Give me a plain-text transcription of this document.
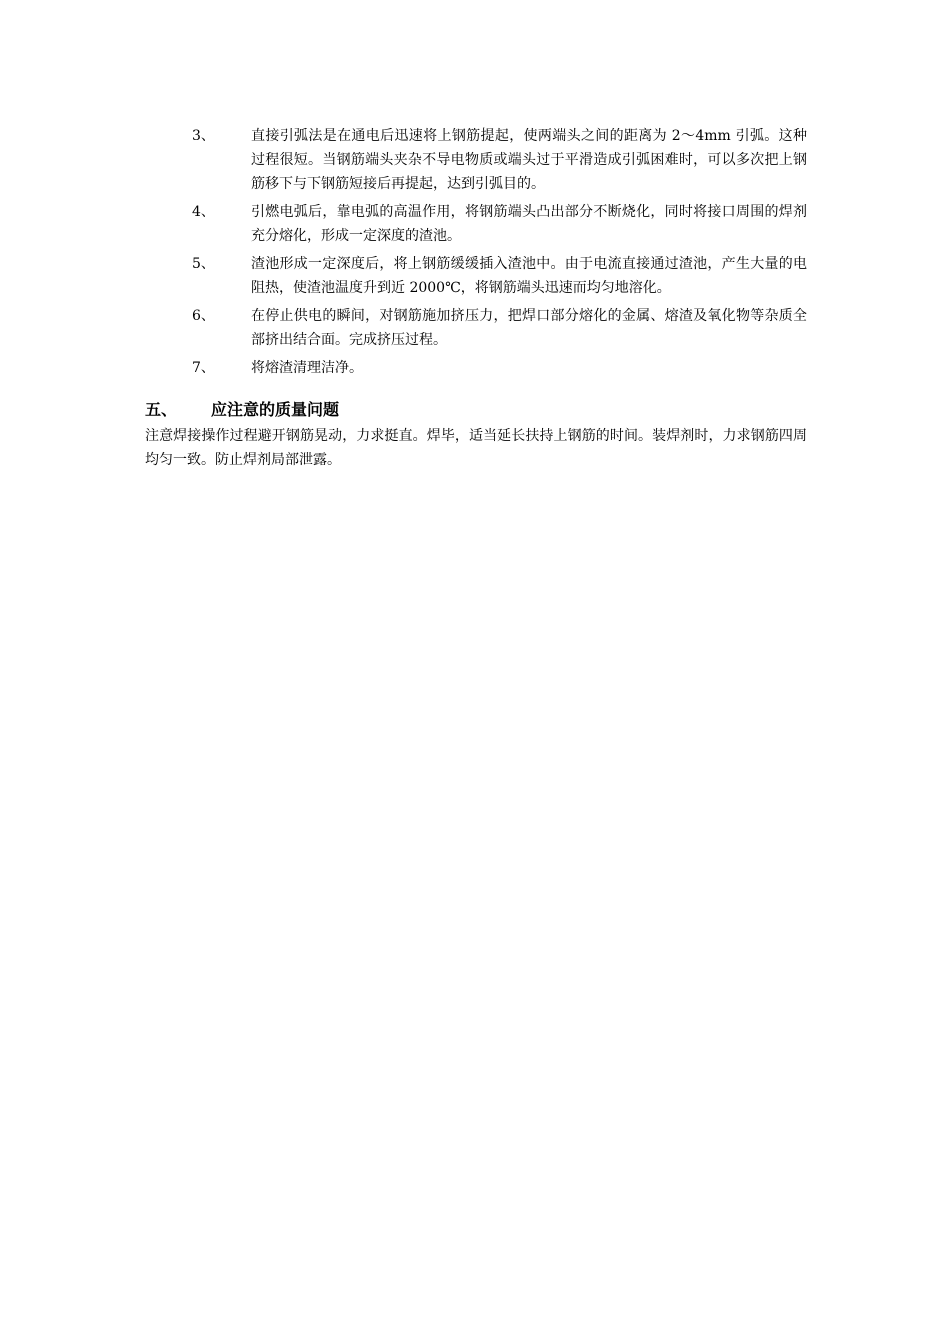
3、	直接引弧法是在通电后迅速将上钢筋提起，使两端头之间的距离为 2～4mm 引弧。这种过程很短。当钢筋端头夹杂不导电物质或端头过于平滑造成引弧困难时，可以多次把上钢筋移下与下钢筋短接后再提起，达到引弧目的。
4、	引燃电弧后，靠电弧的高温作用，将钢筋端头凸出部分不断烧化，同时将接口周围的焊剂充分熔化，形成一定深度的渣池。
5、	渣池形成一定深度后，将上钢筋缓缓插入渣池中。由于电流直接通过渣池，产生大量的电阻热，使渣池温度升到近 2000℃，将钢筋端头迅速而均匀地溶化。
6、	在停止供电的瞬间，对钢筋施加挤压力，把焊口部分熔化的金属、熔渣及氧化物等杂质全部挤出结合面。完成挤压过程。
7、	将熔渣清理洁净。
五、 应注意的质量问题
注意焊接操作过程避开钢筋晃动，力求挺直。焊毕，适当延长扶持上钢筋的时间。装焊剂时，力求钢筋四周均匀一致。防止焊剂局部泄露。
